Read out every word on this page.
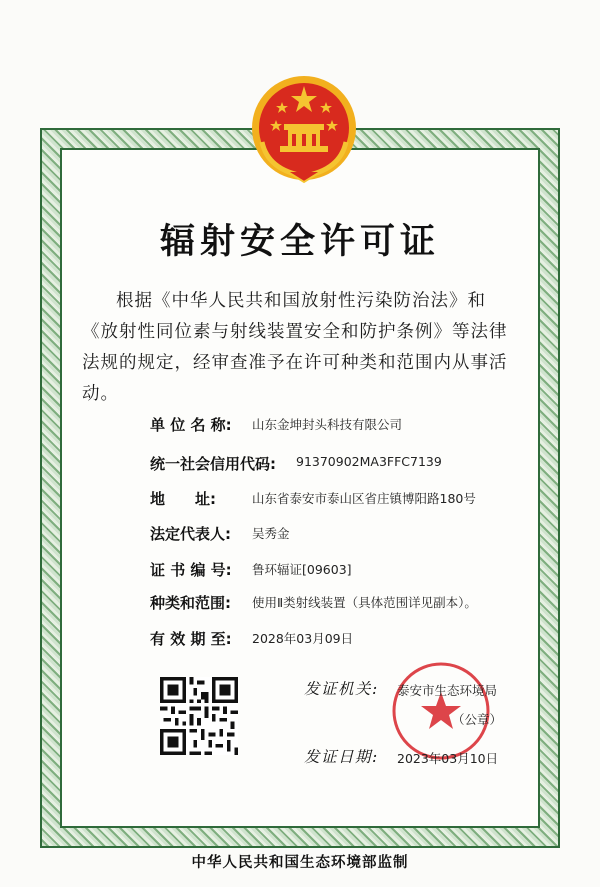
辐射安全许可证
根据《中华人民共和国放射性污染防治法》和《放射性同位素与射线装置安全和防护条例》等法律法规的规定，经审查准予在许可种类和范围内从事活动。
单 位 名 称: 山东金坤封头科技有限公司
统一社会信用代码: 91370902MA3FFC7139
地　　址:	山东省泰安市泰山区省庄镇博阳路180号
法定代表人: 吴秀金
证 书 编 号: 鲁环辐证[09603]
种类和范围: 使用Ⅱ类射线装置（具体范围详见副本）。
有 效 期 至: 2028年03月09日
发证机关: 泰安市生态环境局
（公章）
发证日期: 2023年03月10日
中华人民共和国生态环境部监制
